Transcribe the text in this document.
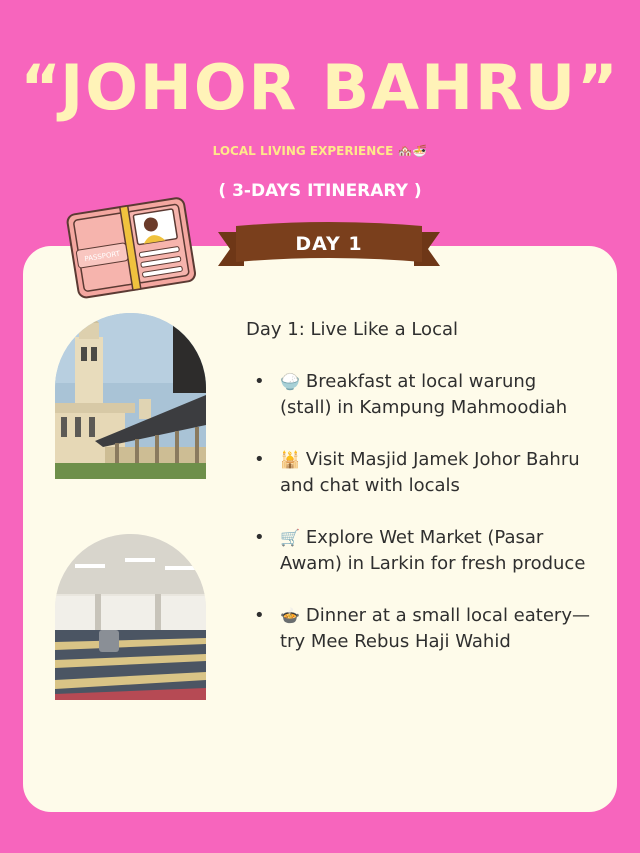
“JOHOR BAHRU”
LOCAL LIVING EXPERIENCE 🏘️🍜
( 3-DAYS ITINERARY )
PASSPORT
DAY 1
Day 1: Live Like a Local
• 🍚 Breakfast at local warung (stall) in Kampung Mahmoodiah
• 🕌 Visit Masjid Jamek Johor Bahru and chat with locals
• 🛒 Explore Wet Market (Pasar Awam) in Larkin for fresh produce
• 🍲 Dinner at a small local eatery—try Mee Rebus Haji Wahid
